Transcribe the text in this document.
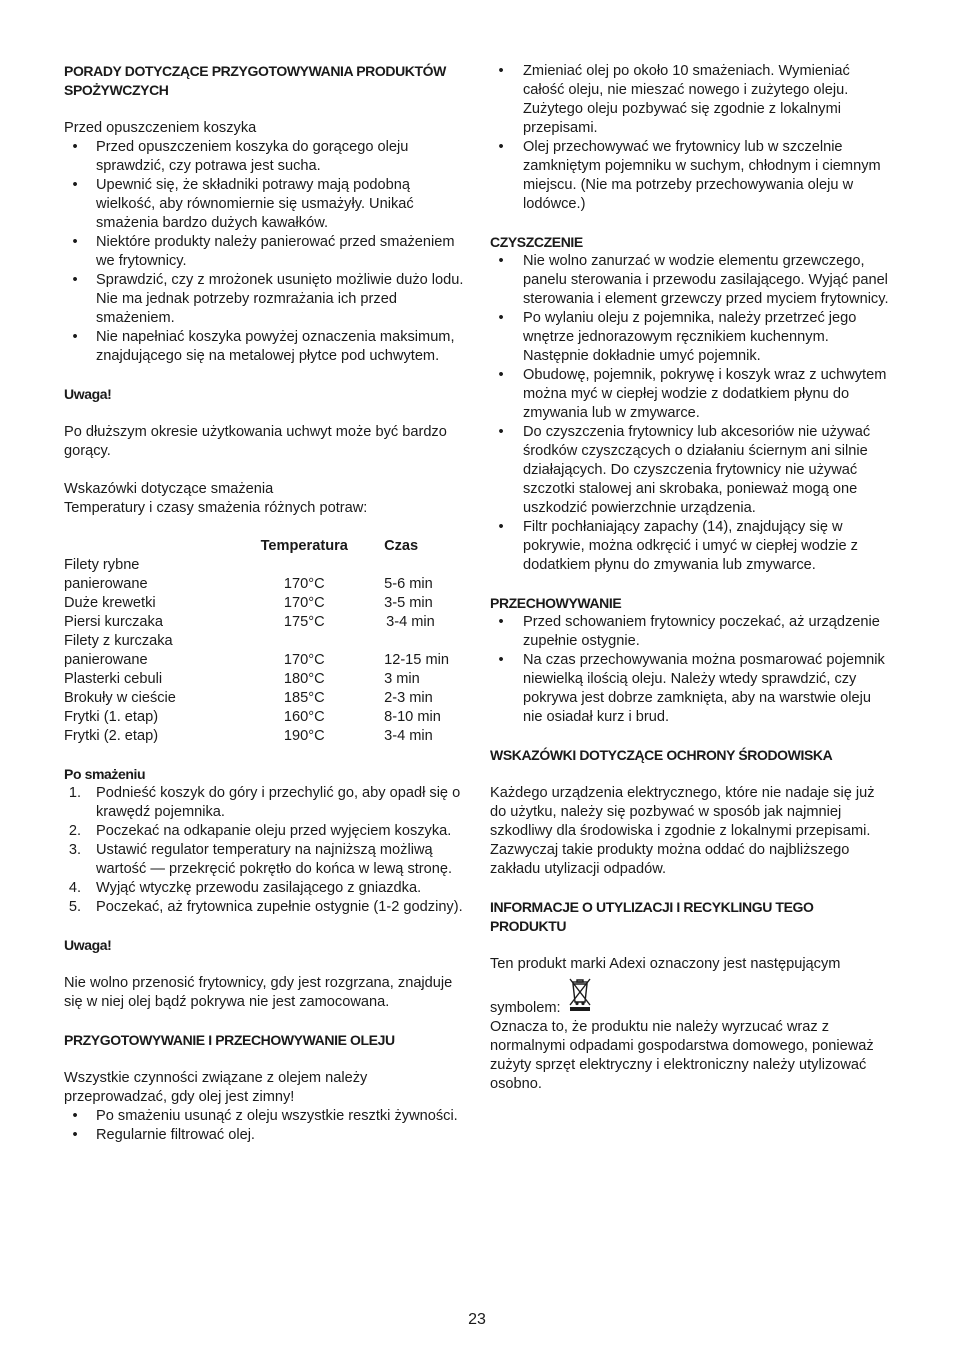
PORADY DOTYCZĄCE PRZYGOTOWYWANIA PRODUKTÓW SPOŻYWCZYCH

Przed opuszczeniem koszyka

•	Przed opuszczeniem koszyka do gorącego oleju sprawdzić, czy potrawa jest sucha.
•	Upewnić się, że składniki potrawy mają podobną wielkość, aby równomiernie się usmażyły. Unikać smażenia bardzo dużych kawałków.
•	Niektóre produkty należy panierować przed smażeniem we frytownicy.
•	Sprawdzić, czy z mrożonek usunięto możliwie dużo lodu. Nie ma jednak potrzeby rozmrażania ich przed smażeniem.
•	Nie napełniać koszyka powyżej oznaczenia maksimum, znajdującego się na metalowej płytce pod uchwytem.
Uwaga!

Po dłuższym okresie użytkowania uchwyt może być bardzo gorący.

Wskazówki dotyczące smażenia

Temperatury i czasy smażenia różnych potraw:

	Temperatura	Czas
Filety rybne		
panierowane	170°C	5-6 min
Duże krewetki	170°C	3-5 min
Piersi kurczaka	175°C	3-4 min
Filety z kurczaka		
panierowane	170°C	12-15 min
Plasterki cebuli	180°C	3 min
Brokuły w cieście	185°C	2-3 min
Frytki (1. etap)	160°C	8-10 min
Frytki (2. etap)	190°C	3-4 min
Po smażeniu
1.	Podnieść koszyk do góry i przechylić go, aby opadł się o krawędź pojemnika.
2.	Poczekać na odkapanie oleju przed wyjęciem koszyka.
3.	Ustawić regulator temperatury na najniższą możliwą wartość — przekręcić pokrętło do końca w lewą stronę.
4.	Wyjąć wtyczkę przewodu zasilającego z gniazdka.
5.	Poczekać, aż frytownica zupełnie ostygnie (1-2 godziny).
Uwaga!

Nie wolno przenosić frytownicy, gdy jest rozgrzana, znajduje się w niej olej bądź pokrywa nie jest zamocowana.

PRZYGOTOWYWANIE I PRZECHOWYWANIE OLEJU

Wszystkie czynności związane z olejem należy przeprowadzać, gdy olej jest zimny!

•	Po smażeniu usunąć z oleju wszystkie resztki żywności.
•	Regularnie filtrować olej.
•	Zmieniać olej po około 10 smażeniach. Wymieniać całość oleju, nie mieszać nowego i zużytego oleju. Zużytego oleju pozbywać się zgodnie z lokalnymi przepisami.
•	Olej przechowywać we frytownicy lub w szczelnie zamkniętym pojemniku w suchym, chłodnym i ciemnym miejscu. (Nie ma potrzeby przechowywania oleju w lodówce.)
CZYSZCZENIE
•	Nie wolno zanurzać w wodzie elementu grzewczego, panelu sterowania i przewodu zasilającego. Wyjąć panel sterowania i element grzewczy przed myciem frytownicy.
•	Po wylaniu oleju z pojemnika, należy przetrzeć jego wnętrze jednorazowym ręcznikiem kuchennym. Następnie dokładnie umyć pojemnik.
•	Obudowę, pojemnik, pokrywę i koszyk wraz z uchwytem można myć w ciepłej wodzie z dodatkiem płynu do zmywania lub w zmywarce.
•	Do czyszczenia frytownicy lub akcesoriów nie używać środków czyszczących o działaniu ściernym ani silnie działających. Do czyszczenia frytownicy nie używać szczotki stalowej ani skrobaka, ponieważ mogą one uszkodzić powierzchnie urządzenia.
•	Filtr pochłaniający zapachy (14), znajdujący się w pokrywie, można odkręcić i umyć w ciepłej wodzie z dodatkiem płynu do zmywania lub zmywarce.
PRZECHOWYWANIE
•	Przed schowaniem frytownicy poczekać, aż urządzenie zupełnie ostygnie.
•	Na czas przechowywania można posmarować pojemnik niewielką ilością oleju. Należy wtedy sprawdzić, czy pokrywa jest dobrze zamknięta, aby na warstwie oleju nie osiadał kurz i brud.
WSKAZÓWKI DOTYCZĄCE OCHRONY ŚRODOWISKA

Każdego urządzenia elektrycznego, które nie nadaje się już do użytku, należy się pozbywać w sposób jak najmniej szkodliwy dla środowiska i zgodnie z lokalnymi przepisami. Zazwyczaj takie produkty można oddać do najbliższego zakładu utylizacji odpadów.

INFORMACJE O UTYLIZACJI I RECYKLINGU TEGO PRODUKTU

Ten produkt marki Adexi oznaczony jest następującym

symbolem:

Oznacza to, że produktu nie należy wyrzucać wraz z normalnymi odpadami gospodarstwa domowego, ponieważ zużyty sprzęt elektryczny i elektroniczny należy utylizować osobno.

23
